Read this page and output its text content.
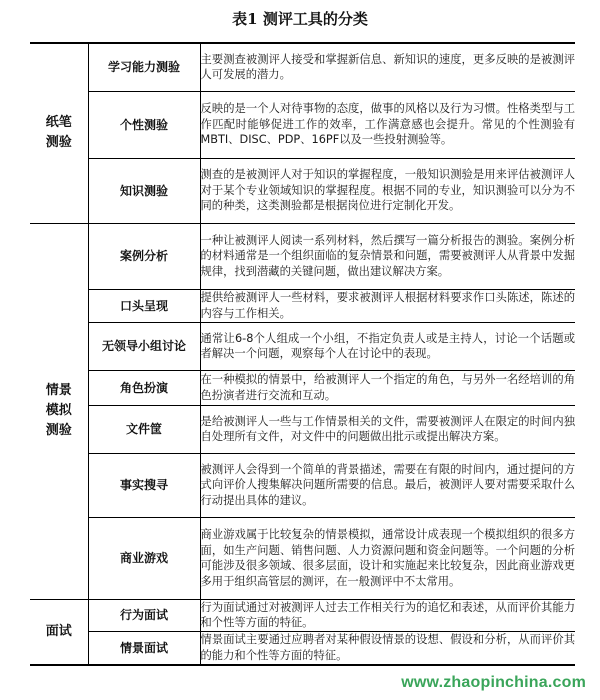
表1 测评工具的分类
纸笔测验	学习能力测验	主要测查被测评人接受和掌握新信息、新知识的速度，更多反映的是被测评人可发展的潜力。
	个性测验	反映的是一个人对待事物的态度，做事的风格以及行为习惯。性格类型与工作匹配时能够促进工作的效率，工作满意感也会提升。常见的个性测验有MBTI、DISC、PDP、16PF以及一些投射测验等。
	知识测验	测查的是被测评人对于知识的掌握程度，一般知识测验是用来评估被测评人对于某个专业领域知识的掌握程度。根据不同的专业，知识测验可以分为不同的种类，这类测验都是根据岗位进行定制化开发。

情景模拟测验	案例分析	一种让被测评人阅读一系列材料，然后撰写一篇分析报告的测验。案例分析的材料通常是一个组织面临的复杂情景和问题，需要被测评人从背景中发掘规律，找到潜藏的关键问题，做出建议解决方案。
	口头呈现	提供给被测评人一些材料，要求被测评人根据材料要求作口头陈述，陈述的内容与工作相关。
	无领导小组讨论	通常让6-8个人组成一个小组，不指定负责人或是主持人，讨论一个话题或者解决一个问题，观察每个人在讨论中的表现。
	角色扮演	在一种模拟的情景中，给被测评人一个指定的角色，与另外一名经培训的角色扮演者进行交流和互动。
	文件筐	是给被测评人一些与工作情景相关的文件，需要被测评人在限定的时间内独自处理所有文件，对文件中的问题做出批示或提出解决方案。
	事实搜寻	被测评人会得到一个简单的背景描述，需要在有限的时间内，通过提问的方式向评价人搜集解决问题所需要的信息。最后，被测评人要对需要采取什么行动提出具体的建议。
	商业游戏	商业游戏属于比较复杂的情景模拟，通常设计成表现一个模拟组织的很多方面，如生产问题、销售问题、人力资源问题和资金问题等。一个问题的分析可能涉及很多领域、很多层面，设计和实施起来比较复杂，因此商业游戏更多用于组织高管层的测评，在一般测评中不太常用。

面试	行为面试	行为面试通过对被测评人过去工作相关行为的追忆和表述，从而评价其能力和个性等方面的特征。
	情景面试	情景面试主要通过应聘者对某种假设情景的设想、假设和分析，从而评价其的能力和个性等方面的特征。
www.zhaopinchina.com
